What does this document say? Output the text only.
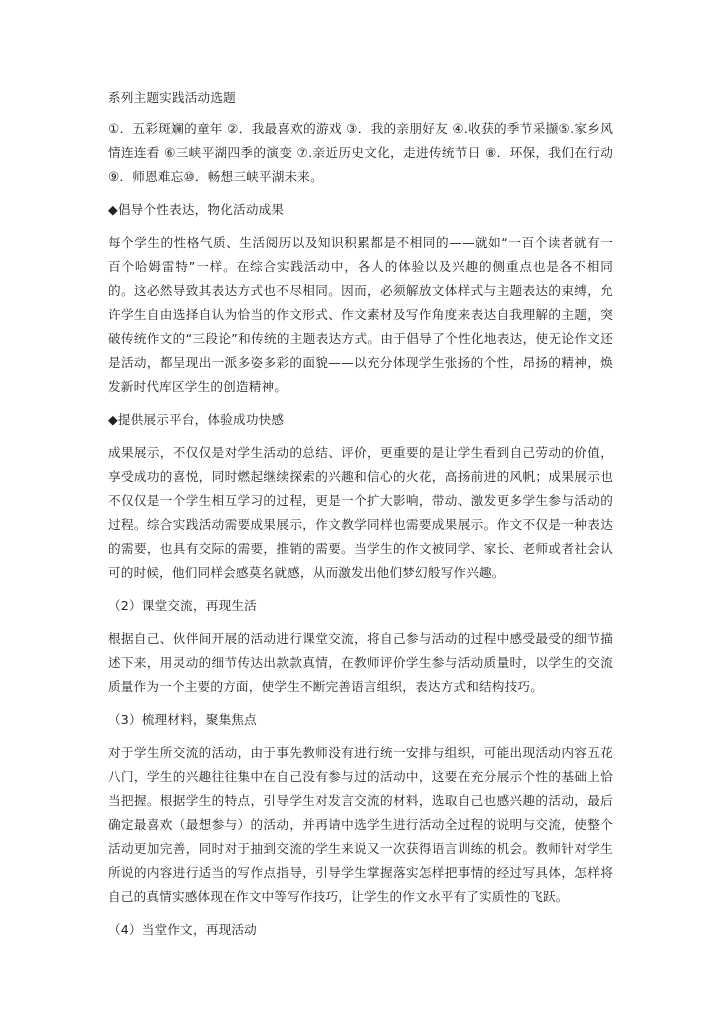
系列主题实践活动选题

①．五彩斑斓的童年 ②．我最喜欢的游戏 ③．我的亲朋好友 ④.收获的季节采撷⑤.家乡风情连连看 ⑥三峡平湖四季的演变 ⑦.亲近历史文化，走进传统节日 ⑧．环保，我们在行动⑨．师恩难忘⑩．畅想三峡平湖未来。

◆倡导个性表达，物化活动成果

每个学生的性格气质、生活阅历以及知识积累都是不相同的——就如“一百个读者就有一百个哈姆雷特”一样。在综合实践活动中，各人的体验以及兴趣的侧重点也是各不相同的。这必然导致其表达方式也不尽相同。因而，必须解放文体样式与主题表达的束缚，允许学生自由选择自认为恰当的作文形式、作文素材及写作角度来表达自我理解的主题，突破传统作文的“三段论”和传统的主题表达方式。由于倡导了个性化地表达，使无论作文还是活动，都呈现出一派多姿多彩的面貌——以充分体现学生张扬的个性，昂扬的精神，焕发新时代库区学生的创造精神。

◆提供展示平台，体验成功快感

成果展示，不仅仅是对学生活动的总结、评价，更重要的是让学生看到自己劳动的价值，享受成功的喜悦，同时燃起继续探索的兴趣和信心的火花，高扬前进的风帆；成果展示也不仅仅是一个学生相互学习的过程，更是一个扩大影响，带动、激发更多学生参与活动的过程。综合实践活动需要成果展示，作文教学同样也需要成果展示。作文不仅是一种表达的需要，也具有交际的需要，推销的需要。当学生的作文被同学、家长、老师或者社会认可的时候，他们同样会感莫名就感，从而激发出他们梦幻般写作兴趣。

（2）课堂交流，再现生活

根据自己、伙伴间开展的活动进行课堂交流，将自己参与活动的过程中感受最受的细节描述下来，用灵动的细节传达出款款真情，在教师评价学生参与活动质量时，以学生的交流质量作为一个主要的方面，使学生不断完善语言组织，表达方式和结构技巧。

（3）梳理材料，聚集焦点

对于学生所交流的活动，由于事先教师没有进行统一安排与组织，可能出现活动内容五花八门，学生的兴趣往往集中在自己没有参与过的活动中，这要在充分展示个性的基础上恰当把握。根据学生的特点，引导学生对发言交流的材料，选取自己也感兴趣的活动，最后确定最喜欢（最想参与）的活动，并再请中选学生进行活动全过程的说明与交流，使整个活动更加完善，同时对于抽到交流的学生来说又一次获得语言训练的机会。教师针对学生所说的内容进行适当的写作点指导，引导学生掌握落实怎样把事情的经过写具体，怎样将自己的真情实感体现在作文中等写作技巧，让学生的作文水平有了实质性的飞跃。

（4）当堂作文，再现活动
